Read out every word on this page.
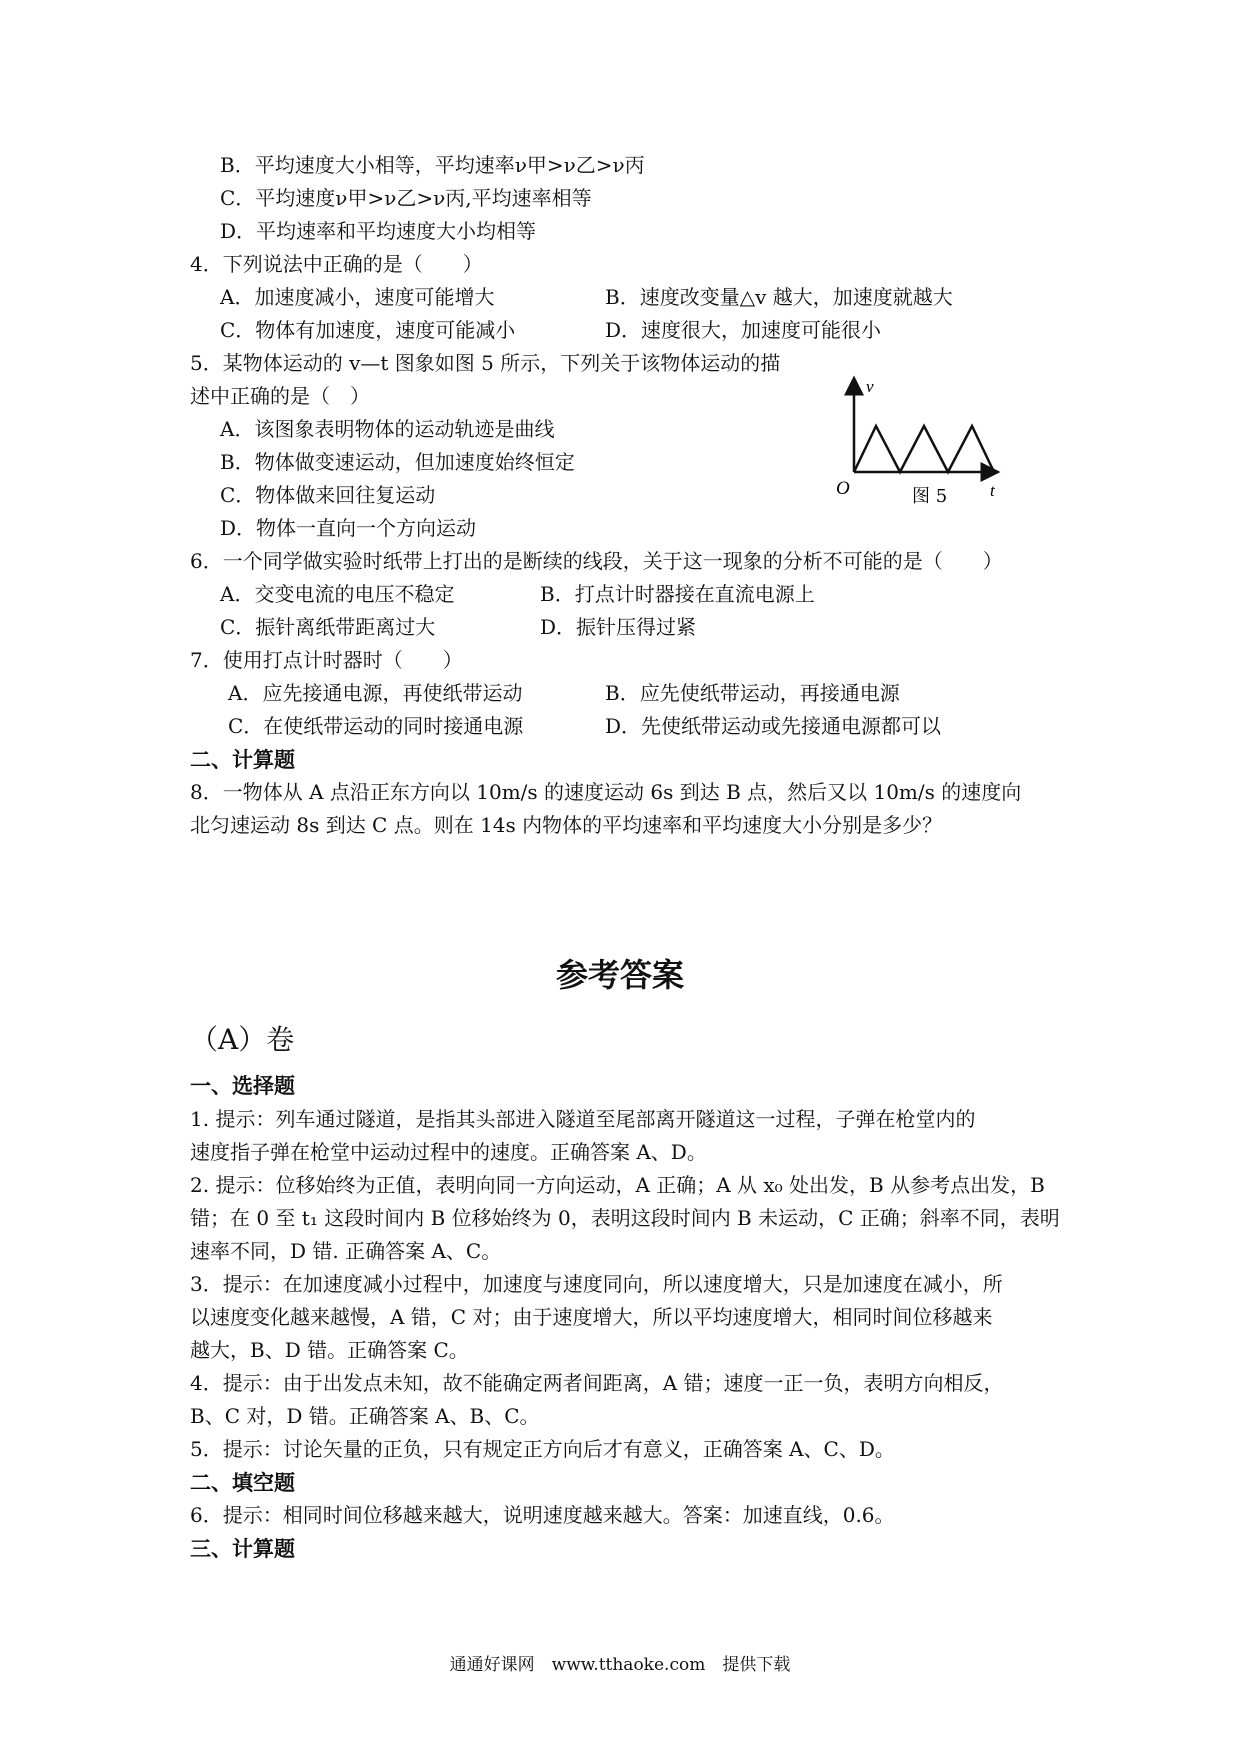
B．平均速度大小相等，平均速率ν甲>ν乙>ν丙
C．平均速度ν甲>ν乙>ν丙,平均速率相等
D．平均速率和平均速度大小均相等
4．下列说法中正确的是（　　）
A．加速度减小，速度可能增大	B．速度改变量△v 越大，加速度就越大
C．物体有加速度，速度可能减小	D．速度很大，加速度可能很小
5．某物体运动的 v—t 图象如图 5 所示，下列关于该物体运动的描
述中正确的是（　）
A．该图象表明物体的运动轨迹是曲线
B．物体做变速运动，但加速度始终恒定
C．物体做来回往复运动
D．物体一直向一个方向运动
v
O	图 5	t
6．一个同学做实验时纸带上打出的是断续的线段，关于这一现象的分析不可能的是（　　）
A．交变电流的电压不稳定	B．打点计时器接在直流电源上
C．振针离纸带距离过大	D．振针压得过紧
7．使用打点计时器时（　　）
A．应先接通电源，再使纸带运动	B．应先使纸带运动，再接通电源
C．在使纸带运动的同时接通电源	D．先使纸带运动或先接通电源都可以
二、计算题
8．一物体从 A 点沿正东方向以 10m/s 的速度运动 6s 到达 B 点，然后又以 10m/s 的速度向
北匀速运动 8s 到达 C 点。则在 14s 内物体的平均速率和平均速度大小分别是多少？
参考答案
（A）卷
一、选择题
1. 提示：列车通过隧道，是指其头部进入隧道至尾部离开隧道这一过程，子弹在枪堂内的
速度指子弹在枪堂中运动过程中的速度。正确答案 A、D。
2. 提示：位移始终为正值，表明向同一方向运动，A 正确；A 从 x₀ 处出发，B 从参考点出发，B
错；在 0 至 t₁ 这段时间内 B 位移始终为 0，表明这段时间内 B 未运动，C 正确；斜率不同，表明
速率不同，D 错. 正确答案 A、C。
3．提示：在加速度减小过程中，加速度与速度同向，所以速度增大，只是加速度在减小，所
以速度变化越来越慢，A 错，C 对；由于速度增大，所以平均速度增大，相同时间位移越来
越大，B、D 错。正确答案 C。
4．提示：由于出发点未知，故不能确定两者间距离，A 错；速度一正一负，表明方向相反，
B、C 对，D 错。正确答案 A、B、C。
5．提示：讨论矢量的正负，只有规定正方向后才有意义，正确答案 A、C、D。
二、填空题
6．提示：相同时间位移越来越大，说明速度越来越大。答案：加速直线，0.6。
三、计算题
通通好课网　www.tthaoke.com　提供下载
